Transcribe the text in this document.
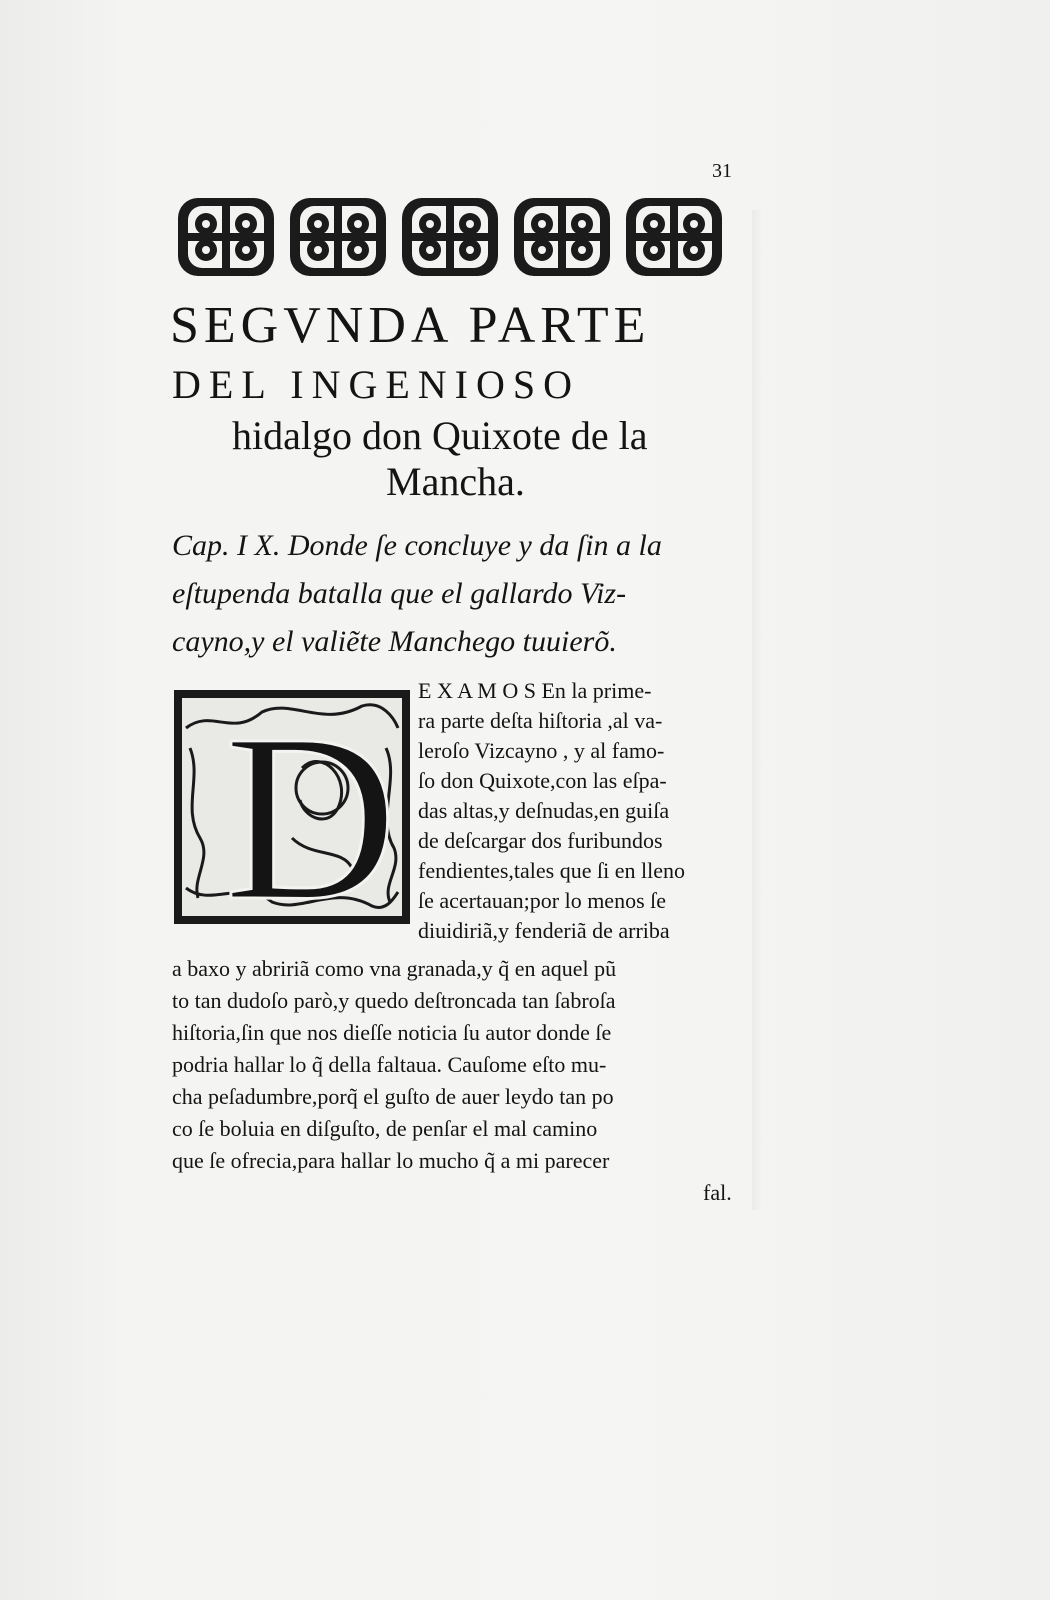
31
SEGVNDA PARTE
DEL INGENIOSO
hidalgo don Quixote de la
Mancha.
Cap. I X. Donde ſe concluye y da ſin a la
eſtupenda batalla que el gallardo Viz-
cayno,y el valiẽte Manchego tuuierõ.
D E X A M O S En la prime-
ra parte deſta hiſtoria ,al va-
leroſo Vizcayno , y al famo-
ſo don Quixote,con las eſpa-
das altas,y deſnudas,en guiſa
de deſcargar dos furibundos
fendientes,tales que ſi en lleno
ſe acertauan;por lo menos ſe
diuidiriã,y fenderiã de arriba
a baxo y abririã como vna granada,y q̃ en aquel pũ
to tan dudoſo parò,y quedo deſtroncada tan ſabroſa
hiſtoria,ſin que nos dieſſe noticia ſu autor donde ſe
podria hallar lo q̃ della faltaua. Cauſome eſto mu-
cha peſadumbre,porq̃ el guſto de auer leydo tan po
co ſe boluia en diſguſto, de penſar el mal camino
que ſe ofrecia,para hallar lo mucho q̃ a mi parecer
fal.
